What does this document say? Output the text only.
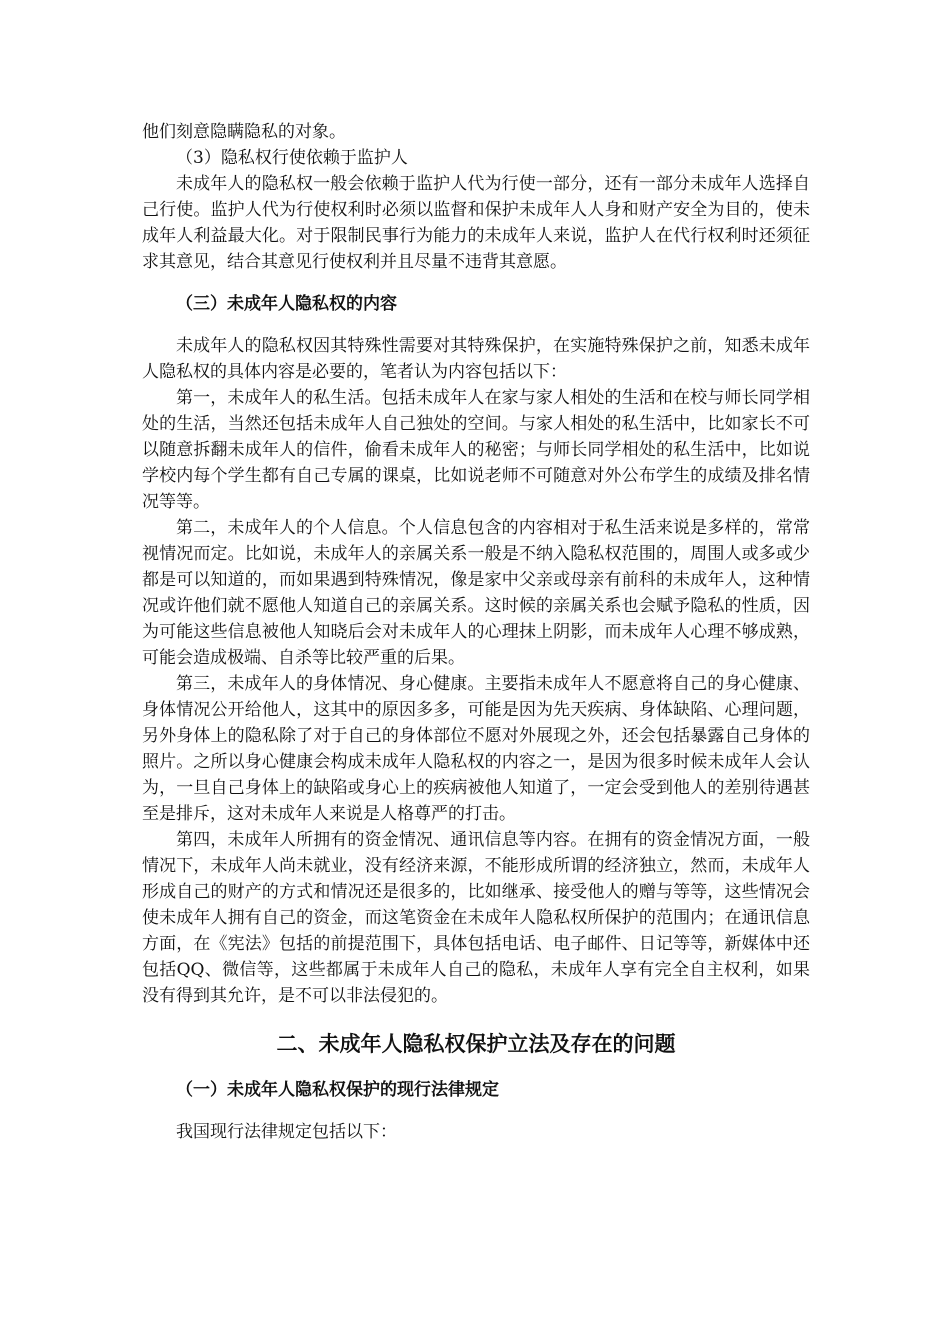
他们刻意隐瞒隐私的对象。

（3）隐私权行使依赖于监护人

未成年人的隐私权一般会依赖于监护人代为行使一部分，还有一部分未成年人选择自己行使。监护人代为行使权利时必须以监督和保护未成年人人身和财产安全为目的，使未成年人利益最大化。对于限制民事行为能力的未成年人来说，监护人在代行权利时还须征求其意见，结合其意见行使权利并且尽量不违背其意愿。

（三）未成年人隐私权的内容

未成年人的隐私权因其特殊性需要对其特殊保护，在实施特殊保护之前，知悉未成年人隐私权的具体内容是必要的，笔者认为内容包括以下：

第一，未成年人的私生活。包括未成年人在家与家人相处的生活和在校与师长同学相处的生活，当然还包括未成年人自己独处的空间。与家人相处的私生活中，比如家长不可以随意拆翻未成年人的信件，偷看未成年人的秘密；与师长同学相处的私生活中，比如说学校内每个学生都有自己专属的课桌，比如说老师不可随意对外公布学生的成绩及排名情况等等。

第二，未成年人的个人信息。个人信息包含的内容相对于私生活来说是多样的，常常视情况而定。比如说，未成年人的亲属关系一般是不纳入隐私权范围的，周围人或多或少都是可以知道的，而如果遇到特殊情况，像是家中父亲或母亲有前科的未成年人，这种情况或许他们就不愿他人知道自己的亲属关系。这时候的亲属关系也会赋予隐私的性质，因为可能这些信息被他人知晓后会对未成年人的心理抹上阴影，而未成年人心理不够成熟，可能会造成极端、自杀等比较严重的后果。

第三，未成年人的身体情况、身心健康。主要指未成年人不愿意将自己的身心健康、身体情况公开给他人，这其中的原因多多，可能是因为先天疾病、身体缺陷、心理问题，另外身体上的隐私除了对于自己的身体部位不愿对外展现之外，还会包括暴露自己身体的照片。之所以身心健康会构成未成年人隐私权的内容之一，是因为很多时候未成年人会认为，一旦自己身体上的缺陷或身心上的疾病被他人知道了，一定会受到他人的差别待遇甚至是排斥，这对未成年人来说是人格尊严的打击。

第四，未成年人所拥有的资金情况、通讯信息等内容。在拥有的资金情况方面，一般情况下，未成年人尚未就业，没有经济来源，不能形成所谓的经济独立，然而，未成年人形成自己的财产的方式和情况还是很多的，比如继承、接受他人的赠与等等，这些情况会使未成年人拥有自己的资金，而这笔资金在未成年人隐私权所保护的范围内；在通讯信息方面，在《宪法》包括的前提范围下，具体包括电话、电子邮件、日记等等，新媒体中还包括QQ、微信等，这些都属于未成年人自己的隐私，未成年人享有完全自主权利，如果没有得到其允许，是不可以非法侵犯的。

二、未成年人隐私权保护立法及存在的问题
（一）未成年人隐私权保护的现行法律规定

我国现行法律规定包括以下：
